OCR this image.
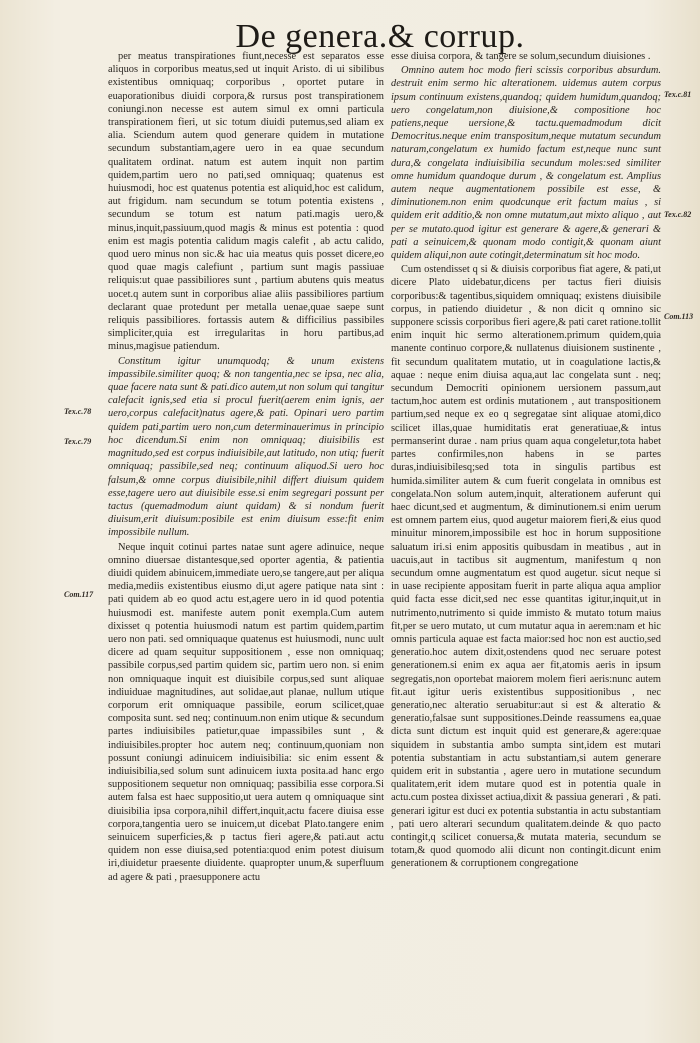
De genera.& corrup.

per meatus transpirationes fiunt,necesse est separatos esse aliquos in corporibus meatus,sed ut inquit Aristo. di ui sibilibus existentibus omniquaq; corporibus , oportet putare in euaporationibus diuidi corpora,& rursus post transpirationem coniungi.non necesse est autem simul ex omni particula transpirationem fieri, ut sic totum diuidi putemus,sed aliam ex alia. Sciendum autem quod generare quidem in mutatione secundum substantiam,agere uero in ea quae secundum qualitatem ordinat. natum est autem inquit non partim quidem,partim uero no pati,sed omniquaq; quatenus est huiusmodi, hoc est quatenus potentia est aliquid,hoc est calidum, aut frigidum. nam secundum se totum potentia existens , secundum se totum est natum pati.magis uero,& minus,inquit,passiuum,quod magis & minus est potentia : quod enim est magis potentia calidum magis calefit , ab actu calido, quod uero minus non sic.& hac uia meatus quis posset dicere,eo quod quae magis calefiunt , partium sunt magis passiuae reliquis:ut quae passibiliores sunt , partium abutens quis meatus uocet.q autem sunt in corporibus aliae aliis passibiliores partium declarant quae protedunt per metalla uenae,quae saepe sunt reliquis passibiliores. fortassis autem & difficilius passibiles simpliciter,quia est irregularitas in horu partibus,ad minus,magisue patiendum.

Constitum igitur unumquodq; & unum existens impassibile.similiter quoq; & non tangentia,nec se ipsa, nec alia, quae facere nata sunt & pati.dico autem,ut non solum qui tangitur calefacit ignis,sed etia si procul fuerit(aerem enim ignis, aer uero,corpus calefacit)natus agere,& pati. Opinari uero partim quidem pati,partim uero non,cum determinauerimus in principio hoc dicendum.Si enim non omniquaq; diuisibilis est magnitudo,sed est corpus indiuisibile,aut latitudo, non utiq; fuerit omniquaq; passibile,sed neq; continuum aliquod.Si uero hoc falsum,& omne corpus diuisibile,nihil differt diuisum quidem esse,tagere uero aut diuisibile esse.si enim segregari possunt per tactus (quemadmodum aiunt quidam) & si nondum fuerit diuisum,erit diuisum:posibile est enim diuisum esse:fit enim impossibile nullum.

Neque inquit cotinui partes natae sunt agere adinuice, neque omnino diuersae distantesque,sed oporter agentia, & patientia diuidi quidem abinuicem,immediate uero,se tangere,aut per aliqua media,mediis existentibus eiusmo di,ut agere patique nata sint : pati quidem ab eo quod actu est,agere uero in id quod potentia huiusmodi est. manifeste autem ponit exempla.Cum autem dixisset q potentia huiusmodi natum est partim quidem,partim uero non pati. sed omniquaque quatenus est huiusmodi, nunc uult dicere ad quam sequitur suppositionem , esse non omniquaq; passibile corpus,sed partim quidem sic, partim uero non. si enim non omniquaque inquit est diuisibile corpus,sed sunt aliquae indiuiduae magnitudines, aut solidae,aut planae, nullum utique corporum erit omniquaque passibile, eorum scilicet,quae composita sunt. sed neq; continuum.non enim utique & secundum partes indiuisibiles patietur,quae impassibiles sunt , & indiuisibiles.propter hoc autem neq; continuum,quoniam non possunt coniungi adinuicem indiuisibilia: sic enim essent & indiuisibilia,sed solum sunt adinuicem iuxta posita.ad hanc ergo suppositionem sequetur non omniquaq; passibilia esse corpora.Si autem falsa est haec suppositio,ut uera autem q omniquaque sint diuisibilia ipsa corpora,nihil differt,inquit,actu facere diuisa esse corpora,tangentia uero se inuicem,ut dicebat Plato.tangere enim seinuicem superficies,& p tactus fieri agere,& pati.aut actu quidem non esse diuisa,sed potentia:quod enim potest diuisum iri,diuidetur praesente diuidente. quapropter unum,& superfluum ad agere & pati , praesupponere actu

esse diuisa corpora, & tangere se solum,secundum diuisiones .

Omnino autem hoc modo fieri scissis corporibus absurdum. destruit enim sermo hic alterationem. uidemus autem corpus ipsum continuum existens,quandoq; quidem humidum,quandoq; uero congelatum,non diuisione,& compositione hoc patiens,neque uersione,& tactu.quemadmodum dicit Democritus.neque enim transpositum,neque mutatum secundum naturam,congelatum ex humido factum est,neque nunc sunt dura,& congelata indiuisibilia secundum moles:sed similiter omne humidum quandoque durum , & congelatum est. Amplius autem neque augmentationem possibile est esse, & diminutionem.non enim quodcunque erit factum maius , si quidem erit additio,& non omne mutatum,aut mixto aliquo , aut per se mutato.quod igitur est generare & agere,& generari & pati a seinuicem,& quonam modo contigit,& quonam aiunt quidem aliqui,non aute cotingit,determinatum sit hoc modo.

Cum ostendisset q si & diuisis corporibus fiat agere, & pati,ut dicere Plato uidebatur,dicens per tactus fieri diuisis corporibus:& tagentibus,siquidem omniquaq; existens diuisibile corpus, in patiendo diuidetur , & non dicit q omnino sic supponere scissis corporibus fieri agere,& pati caret ratione.tollit enim inquit hic sermo alterationem.primum quidem,quia manente continuo corpore,& nullatenus diuisionem sustinente , fit secundum qualitatem mutatio, ut in coagulatione lactis,& aquae : neque enim diuisa aqua,aut lac congelata sunt . neq; secundum Democriti opinionem uersionem passum,aut tactum,hoc autem est ordinis mutationem , aut transpositionem partium,sed neque ex eo q segregatae sint aliquae atomi,dico scilicet illas,quae humiditatis erat generatiuae,& intus permanserint durae . nam prius quam aqua congeletur,tota habet partes confirmiles,non habens in se partes duras,indiuisibilesq;sed tota in singulis partibus est humida.similiter autem & cum fuerit congelata in omnibus est congelata.Non solum autem,inquit, alterationem auferunt qui haec dicunt,sed et augmentum, & diminutionem.si enim uerum est omnem partem eius, quod augetur maiorem fieri,& eius quod minuitur minorem,impossibile est hoc in horum suppositione saluatum iri.si enim appositis quibusdam in meatibus , aut in uacuis,aut in tactibus sit augmentum, manifestum q non secundum omne augmentatum est quod augetur. sicut neque si in uase recipiente appositam fuerit in parte aliqua aqua amplior quid facta esse dicit,sed nec esse quantitas igitur,inquit,ut in nutrimento,nutrimento si quide immisto & mutato totum maius fit,per se uero mutato, ut cum mutatur aqua in aerem:nam et hic omnis particula aquae est facta maior:sed hoc non est auctio,sed generatio.hoc autem dixit,ostendens quod nec seruare potest generationem.si enim ex aqua aer fit,atomis aeris in ipsum segregatis,non oportebat maiorem molem fieri aeris:nunc autem fit.aut igitur ueris existentibus suppositionibus , nec generatio,nec alteratio seruabitur:aut si est & alteratio & generatio,falsae sunt suppositiones.Deinde reassumens ea,quae dicta sunt dictum est inquit quid est generare,& agere:quae siquidem in substantia ambo sumpta sint,idem est mutari potentia substantiam in actu substantiam,si autem generare quidem erit in substantia , agere uero in mutatione secundum qualitatem,erit idem mutare quod est in potentia quale in actu.cum postea dixisset actiua,dixit & passiua generari , & pati. generari igitur est duci ex potentia substantia in actu substantiam , pati uero alterari secundum qualitatem.deinde & quo pacto contingit,q scilicet conuersa,& mutata materia, secundum se totam,& quod quomodo alii dicunt non contingit.dicunt enim generationem & corruptionem congregatione

Tex.c.81
Tex.c.82
Com.113
Tex.c.78
Tex.c.79
Com.117
